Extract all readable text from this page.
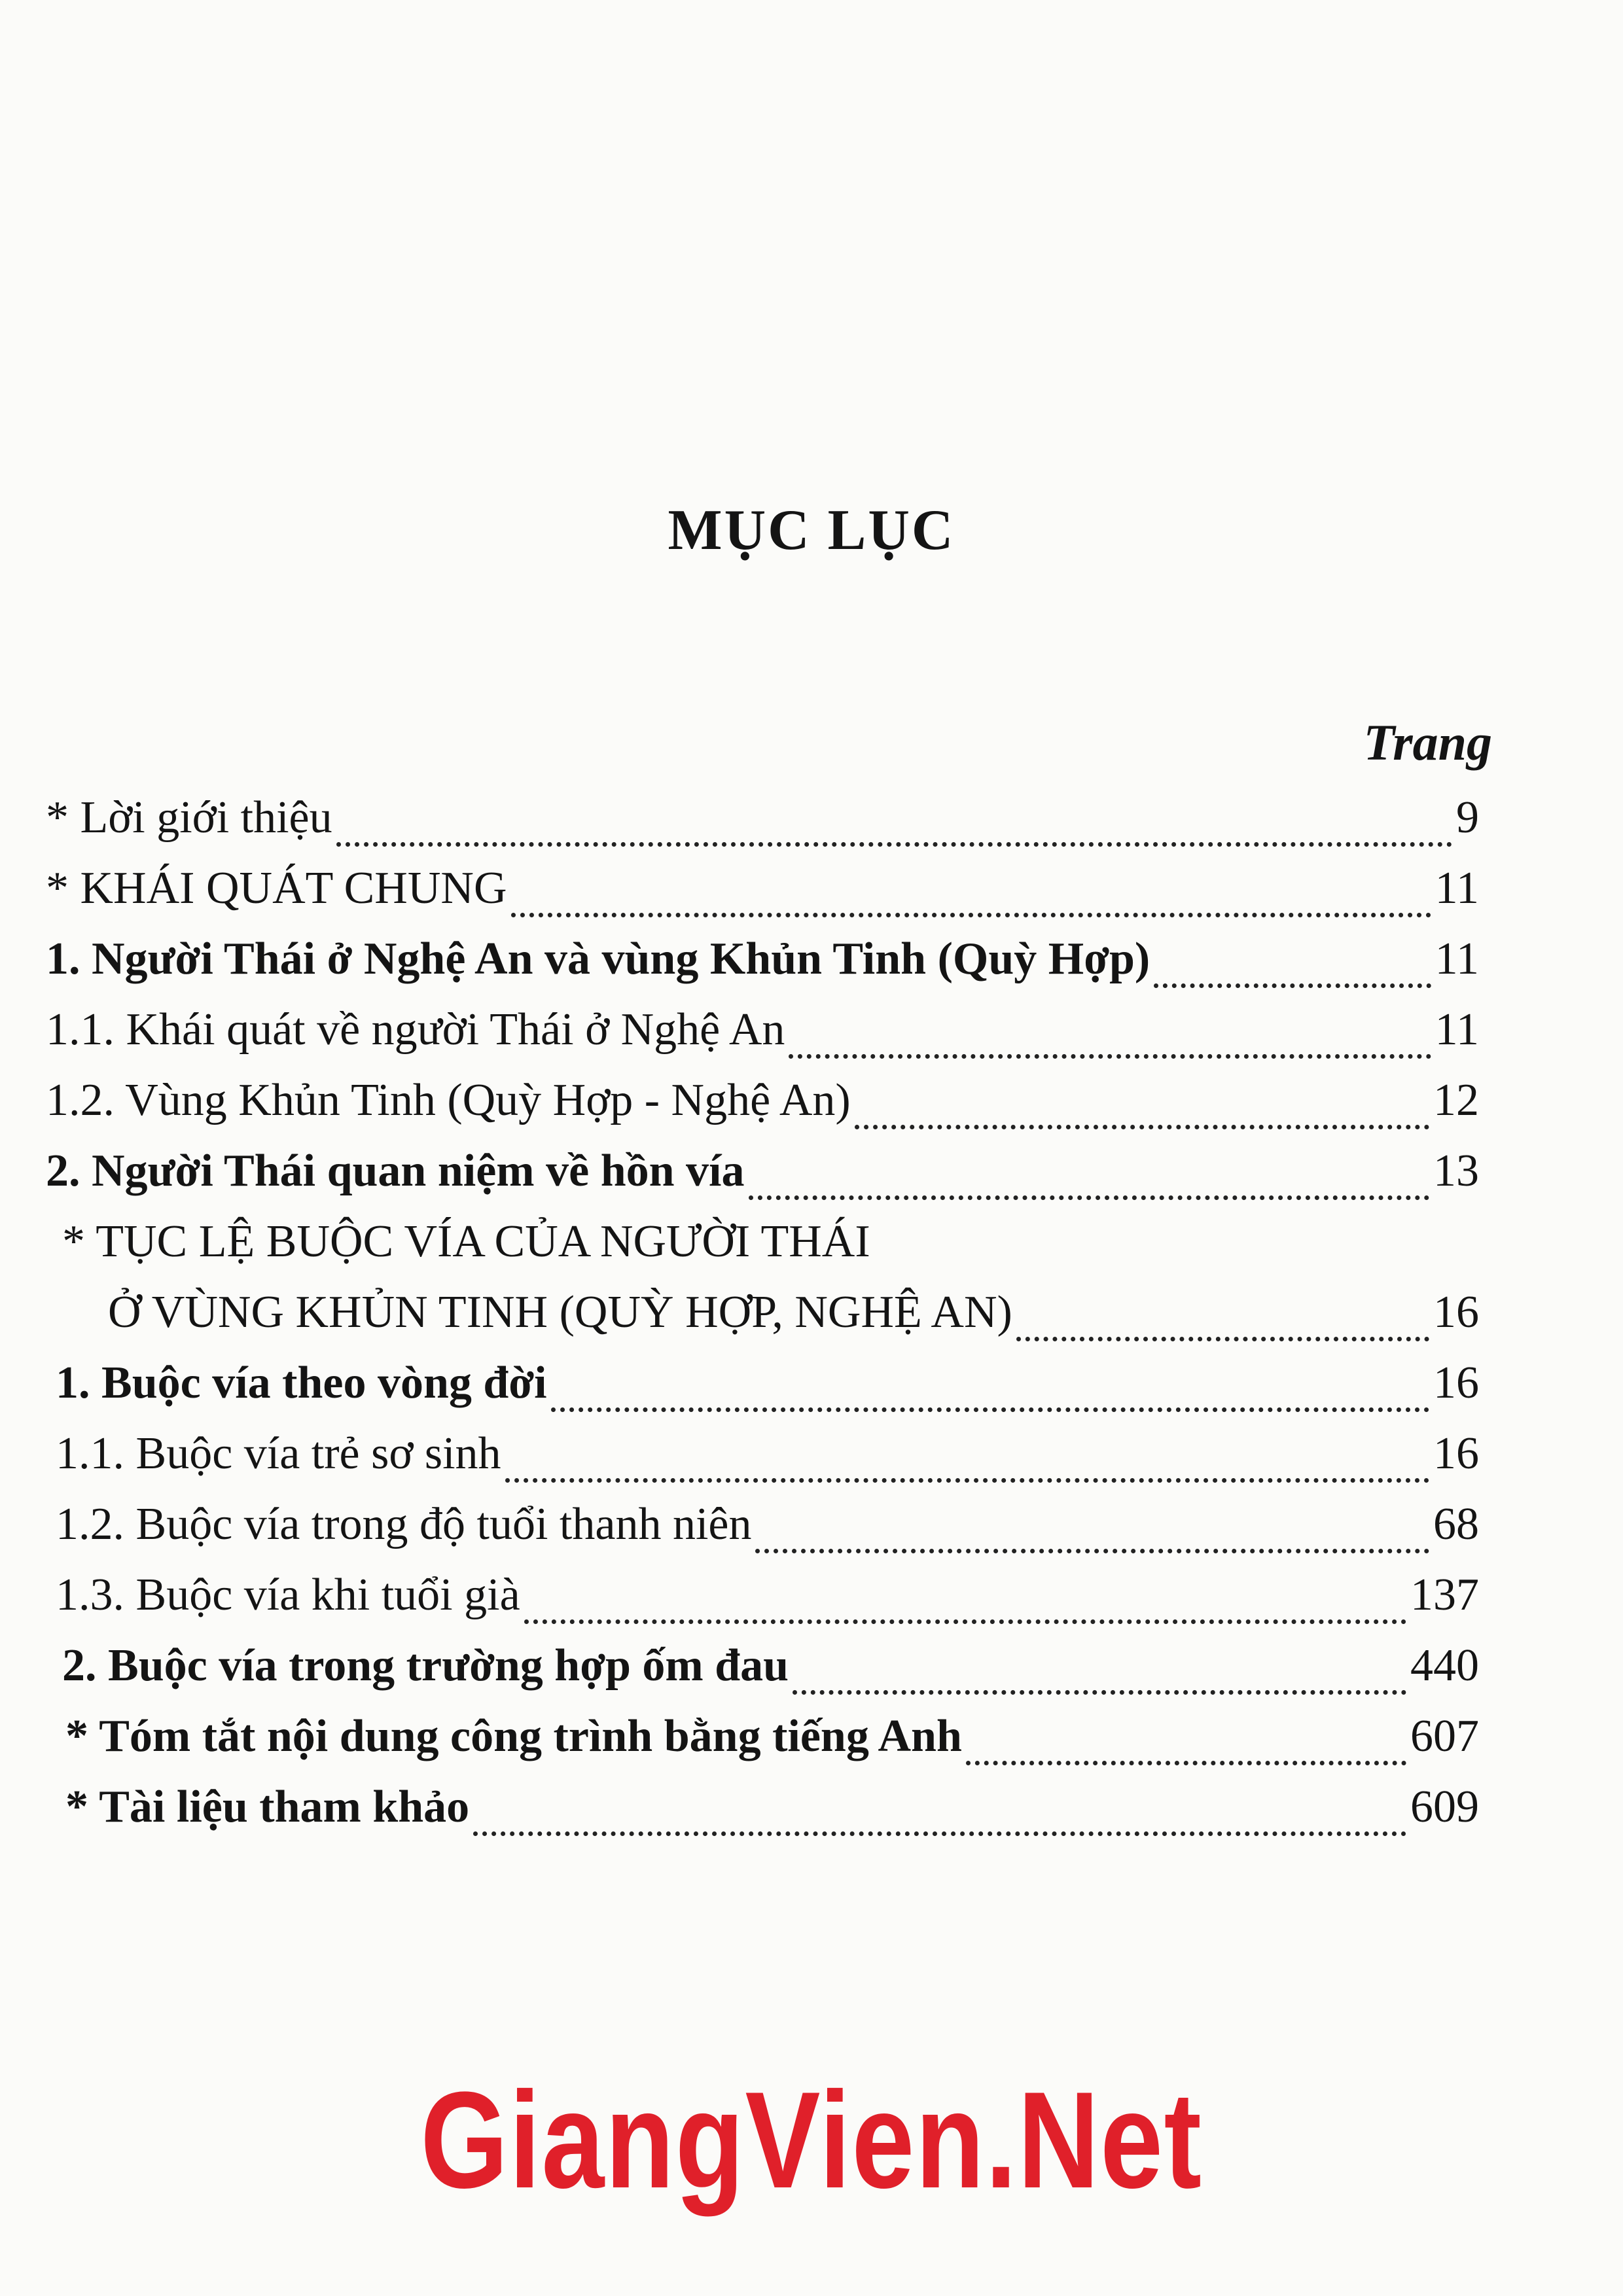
MỤC LỤC
Trang
* Lời giới thiệu	9
* KHÁI QUÁT CHUNG	11
1. Người Thái ở Nghệ An và vùng Khủn Tinh (Quỳ Hợp)	11
1.1. Khái quát về người Thái ở Nghệ An	11
1.2. Vùng Khủn Tinh (Quỳ Hợp - Nghệ An)	12
2. Người Thái quan niệm về hồn vía	13
* TỤC LỆ BUỘC VÍA CỦA NGƯỜI THÁI
Ở VÙNG KHỦN TINH (QUỲ HỢP, NGHỆ AN)	16
1. Buộc vía theo vòng đời	16
1.1. Buộc vía trẻ sơ sinh	16
1.2. Buộc vía trong độ tuổi thanh niên	68
1.3. Buộc vía khi tuổi già	137
2. Buộc vía trong trường hợp ốm đau	440
* Tóm tắt nội dung công trình bằng tiếng Anh	607
* Tài liệu tham khảo	609
GiangVien.Net
